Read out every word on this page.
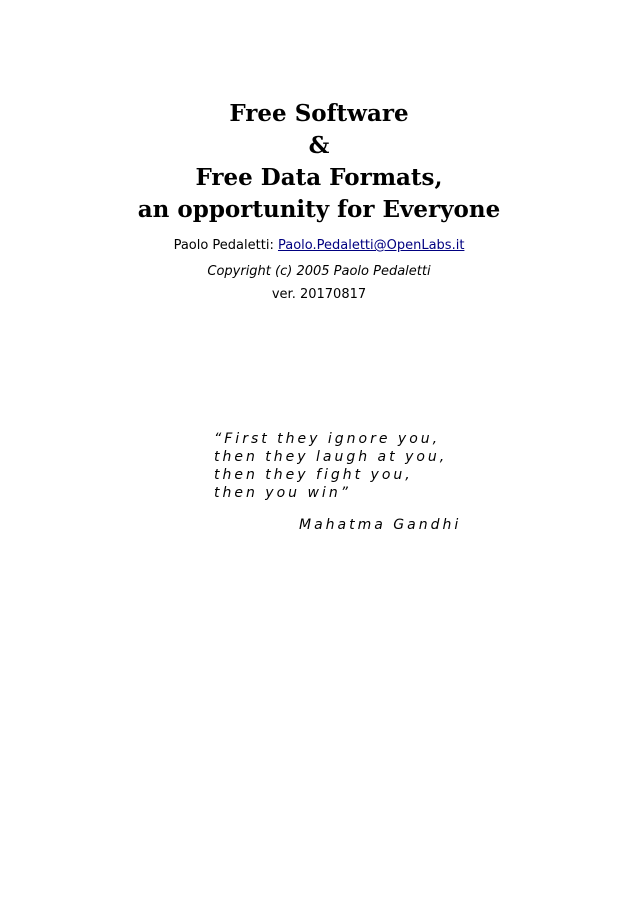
Free Software
&
Free Data Formats,
an opportunity for Everyone
Paolo Pedaletti: Paolo.Pedaletti@OpenLabs.it
Copyright (c) 2005 Paolo Pedaletti
ver. 20170817
“First they ignore you,
then they laugh at you,
then they fight you,
then you win”
Mahatma Gandhi
